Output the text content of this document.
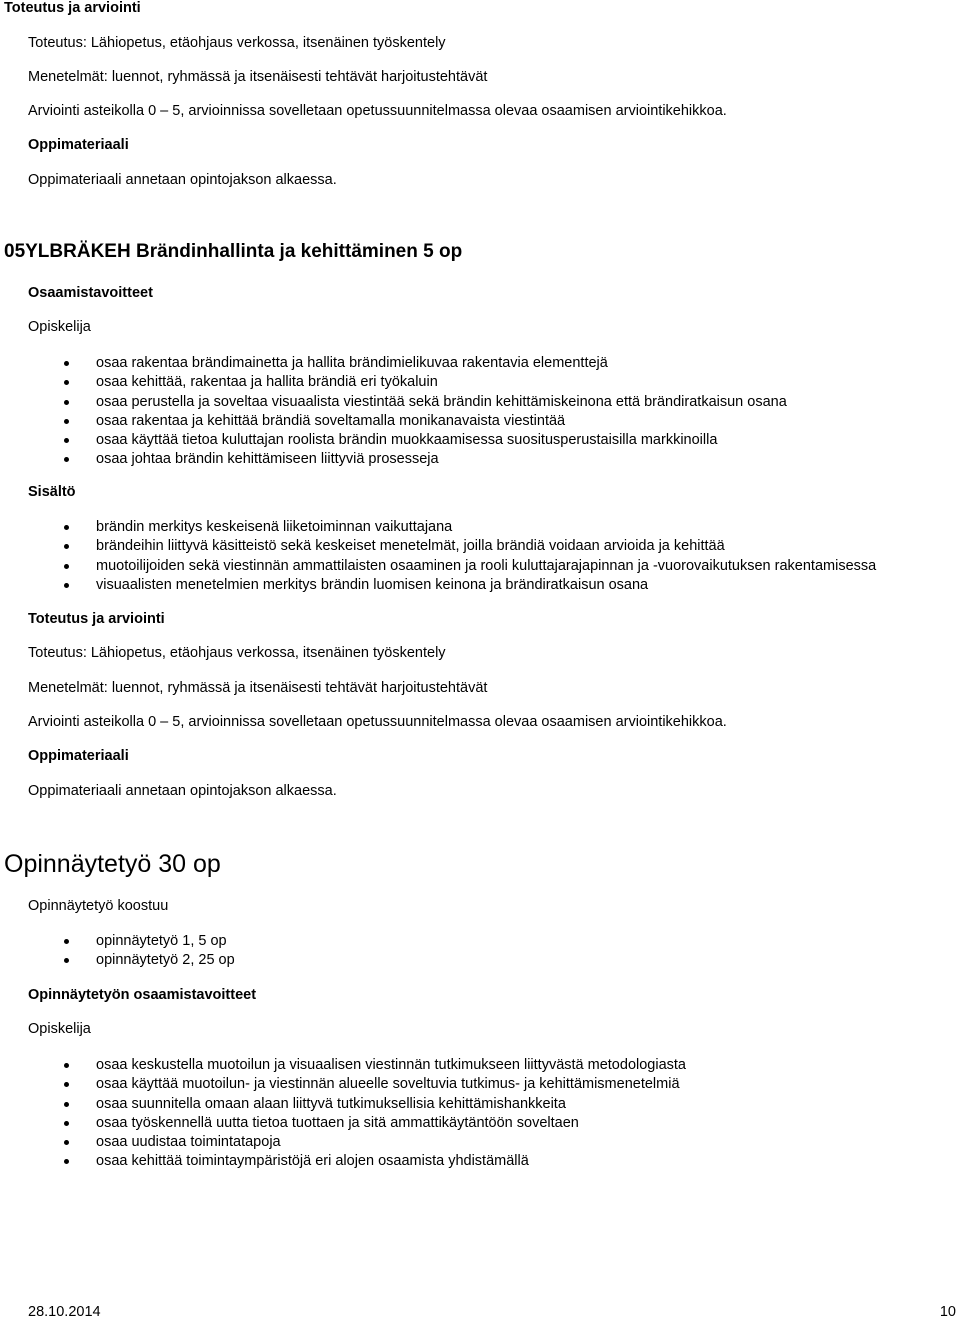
Toteutus ja arviointi
Toteutus: Lähiopetus, etäohjaus verkossa, itsenäinen työskentely
Menetelmät: luennot, ryhmässä ja itsenäisesti tehtävät harjoitustehtävät
Arviointi asteikolla 0 – 5, arvioinnissa sovelletaan opetussuunnitelmassa olevaa osaamisen arviointikehikkoa.
Oppimateriaali
Oppimateriaali annetaan opintojakson alkaessa.
05YLBRÄKEH Brändinhallinta ja kehittäminen 5 op
Osaamistavoitteet
Opiskelija
osaa rakentaa brändimainetta ja hallita brändimielikuvaa rakentavia elementtejä
osaa kehittää, rakentaa ja hallita brändiä eri työkaluin
osaa perustella ja soveltaa visuaalista viestintää sekä brändin kehittämiskeinona että brändiratkaisun osana
osaa rakentaa ja kehittää brändiä soveltamalla monikanavaista viestintää
osaa käyttää tietoa kuluttajan roolista brändin muokkaamisessa suositusperustaisilla markkinoilla
osaa johtaa brändin kehittämiseen liittyviä prosesseja
Sisältö
brändin merkitys keskeisenä liiketoiminnan vaikuttajana
brändeihin liittyvä käsitteistö sekä keskeiset menetelmät, joilla brändiä voidaan arvioida ja kehittää
muotoilijoiden sekä viestinnän ammattilaisten osaaminen ja rooli kuluttajarajapinnan ja -vuorovaikutuksen rakentamisessa
visuaalisten menetelmien merkitys brändin luomisen keinona ja brändiratkaisun osana
Toteutus ja arviointi
Toteutus: Lähiopetus, etäohjaus verkossa, itsenäinen työskentely
Menetelmät: luennot, ryhmässä ja itsenäisesti tehtävät harjoitustehtävät
Arviointi asteikolla 0 – 5, arvioinnissa sovelletaan opetussuunnitelmassa olevaa osaamisen arviointikehikkoa.
Oppimateriaali
Oppimateriaali annetaan opintojakson alkaessa.
Opinnäytetyö 30 op
Opinnäytetyö koostuu
opinnäytetyö 1, 5 op
opinnäytetyö 2, 25 op
Opinnäytetyön osaamistavoitteet
Opiskelija
osaa keskustella muotoilun ja visuaalisen viestinnän tutkimukseen liittyvästä metodologiasta
osaa käyttää muotoilun- ja viestinnän alueelle soveltuvia tutkimus- ja kehittämismenetelmiä
osaa suunnitella omaan alaan liittyvä tutkimuksellisia kehittämishankkeita
osaa työskennellä uutta tietoa tuottaen ja sitä ammattikäytäntöön soveltaen
osaa uudistaa toimintatapoja
osaa kehittää toimintaympäristöjä eri alojen osaamista yhdistämällä
28.10.2014	10
